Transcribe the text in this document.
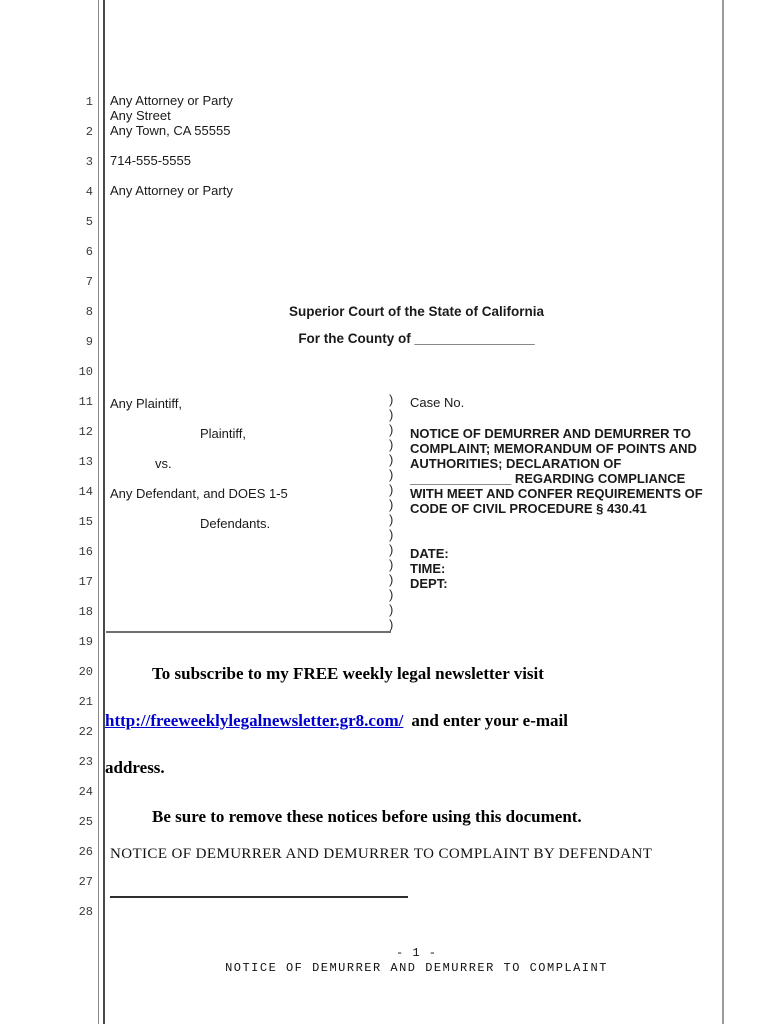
1
2
3
4
5
6
7
8
9
10
11
12
13
14
15
16
17
18
19
20
21
22
23
24
25
26
27
28
Any Attorney or Party
Any Street
Any Town, CA 55555
714-555-5555
Any Attorney or Party
Superior Court of the State of California
For the County of ________________
Any Plaintiff,
Plaintiff,
vs.
Any Defendant, and DOES 1-5
Defendants.
)
)
)
)
)
)
)
)
)
)
)
)
)
)
)
)
Case No.
NOTICE OF DEMURRER AND DEMURRER TO
COMPLAINT; MEMORANDUM OF POINTS AND
AUTHORITIES; DECLARATION OF
______________ REGARDING COMPLIANCE
WITH MEET AND CONFER REQUIREMENTS OF
CODE OF CIVIL PROCEDURE § 430.41
DATE:
TIME:
DEPT:
To subscribe to my FREE weekly legal newsletter visit
http://freeweeklylegalnewsletter.gr8.com/ and enter your e-mail
address.
Be sure to remove these notices before using this document.
NOTICE OF DEMURRER AND DEMURRER TO COMPLAINT BY DEFENDANT
- 1 -
NOTICE OF DEMURRER AND DEMURRER TO COMPLAINT
